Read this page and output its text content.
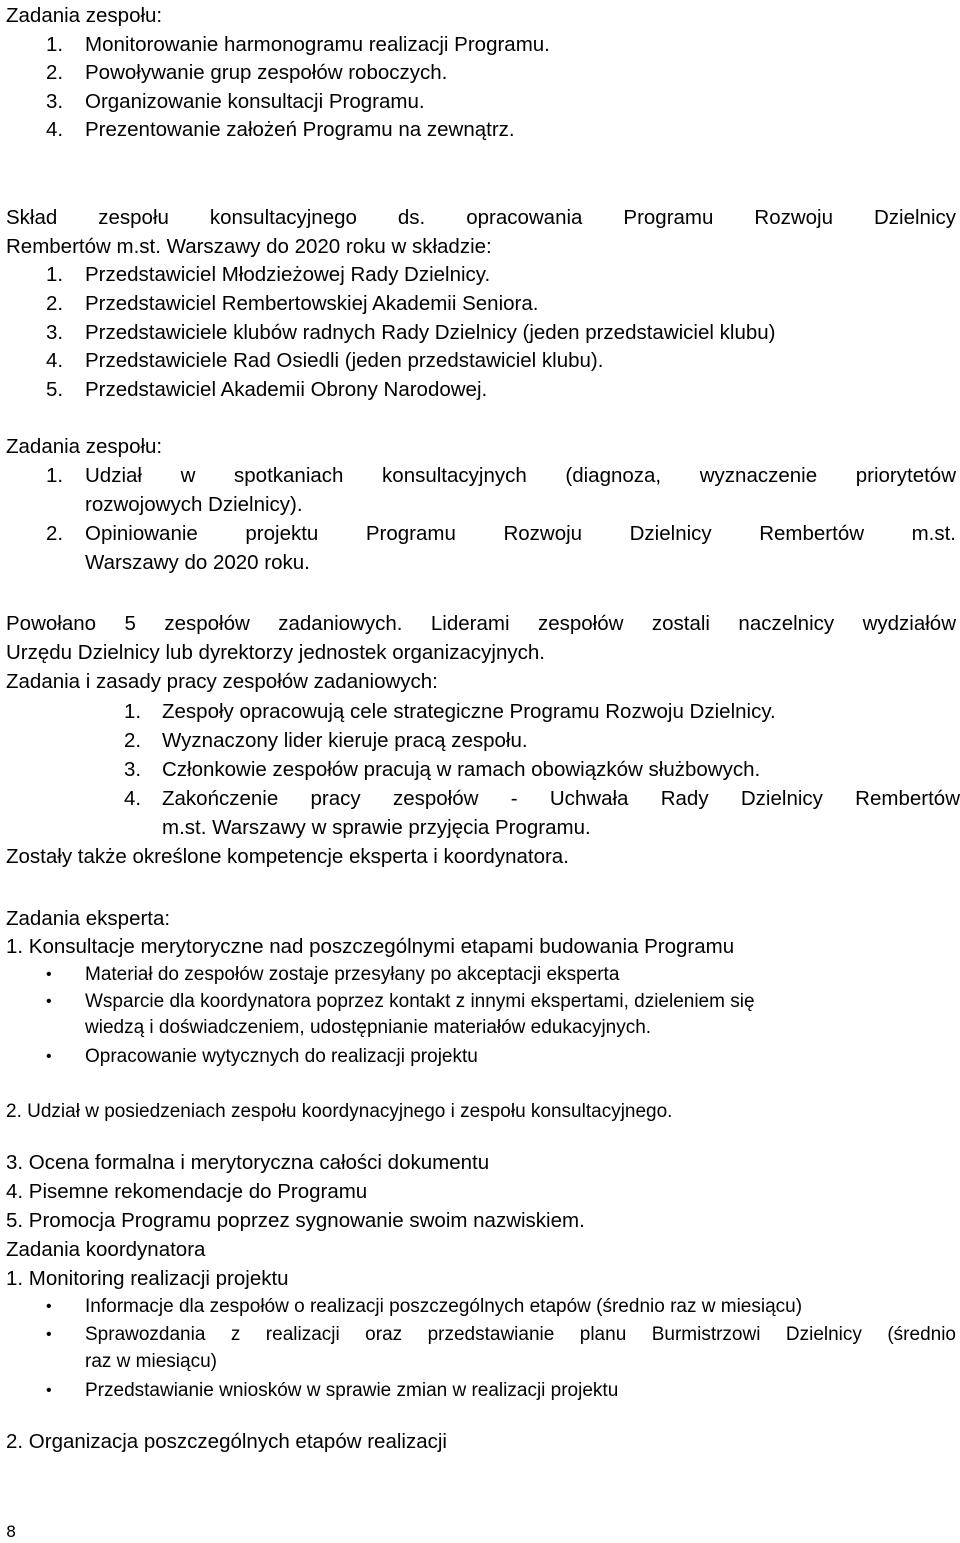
Zadania zespołu:
1. Monitorowanie harmonogramu realizacji Programu.
2. Powoływanie grup zespołów roboczych.
3. Organizowanie konsultacji Programu.
4. Prezentowanie założeń Programu na zewnątrz.
Skład zespołu konsultacyjnego ds. opracowania Programu Rozwoju Dzielnicy
Rembertów m.st. Warszawy do 2020 roku w składzie:
1. Przedstawiciel Młodzieżowej Rady Dzielnicy.
2. Przedstawiciel Rembertowskiej Akademii Seniora.
3. Przedstawiciele klubów radnych Rady Dzielnicy (jeden przedstawiciel klubu)
4. Przedstawiciele Rad Osiedli (jeden przedstawiciel klubu).
5. Przedstawiciel Akademii Obrony Narodowej.
Zadania zespołu:
1. Udział w spotkaniach konsultacyjnych (diagnoza, wyznaczenie priorytetów
rozwojowych Dzielnicy).
2. Opiniowanie projektu Programu Rozwoju Dzielnicy Rembertów m.st.
Warszawy do 2020 roku.
Powołano 5 zespołów zadaniowych. Liderami zespołów zostali naczelnicy wydziałów
Urzędu Dzielnicy lub dyrektorzy jednostek organizacyjnych.
Zadania i zasady pracy zespołów zadaniowych:
1. Zespoły opracowują cele strategiczne Programu Rozwoju Dzielnicy.
2. Wyznaczony lider kieruje pracą zespołu.
3. Członkowie zespołów pracują w ramach obowiązków służbowych.
4. Zakończenie pracy zespołów - Uchwała Rady Dzielnicy Rembertów
m.st. Warszawy w sprawie przyjęcia Programu.
Zostały także określone kompetencje eksperta i koordynatora.
Zadania eksperta:
1. Konsultacje merytoryczne nad poszczególnymi etapami budowania Programu
• Materiał do zespołów zostaje przesyłany po akceptacji eksperta
• Wsparcie dla koordynatora poprzez kontakt z innymi ekspertami, dzieleniem się
wiedzą i doświadczeniem, udostępnianie materiałów edukacyjnych.
• Opracowanie wytycznych do realizacji projektu
2. Udział w posiedzeniach zespołu koordynacyjnego i zespołu konsultacyjnego.
3. Ocena formalna i merytoryczna całości dokumentu
4. Pisemne rekomendacje do Programu
5. Promocja Programu poprzez sygnowanie swoim nazwiskiem.
Zadania koordynatora
1. Monitoring realizacji projektu
• Informacje dla zespołów o realizacji poszczególnych etapów (średnio raz w miesiącu)
• Sprawozdania z realizacji oraz przedstawianie planu Burmistrzowi Dzielnicy (średnio
raz w miesiącu)
• Przedstawianie wniosków w sprawie zmian w realizacji projektu
2. Organizacja poszczególnych etapów realizacji
8
